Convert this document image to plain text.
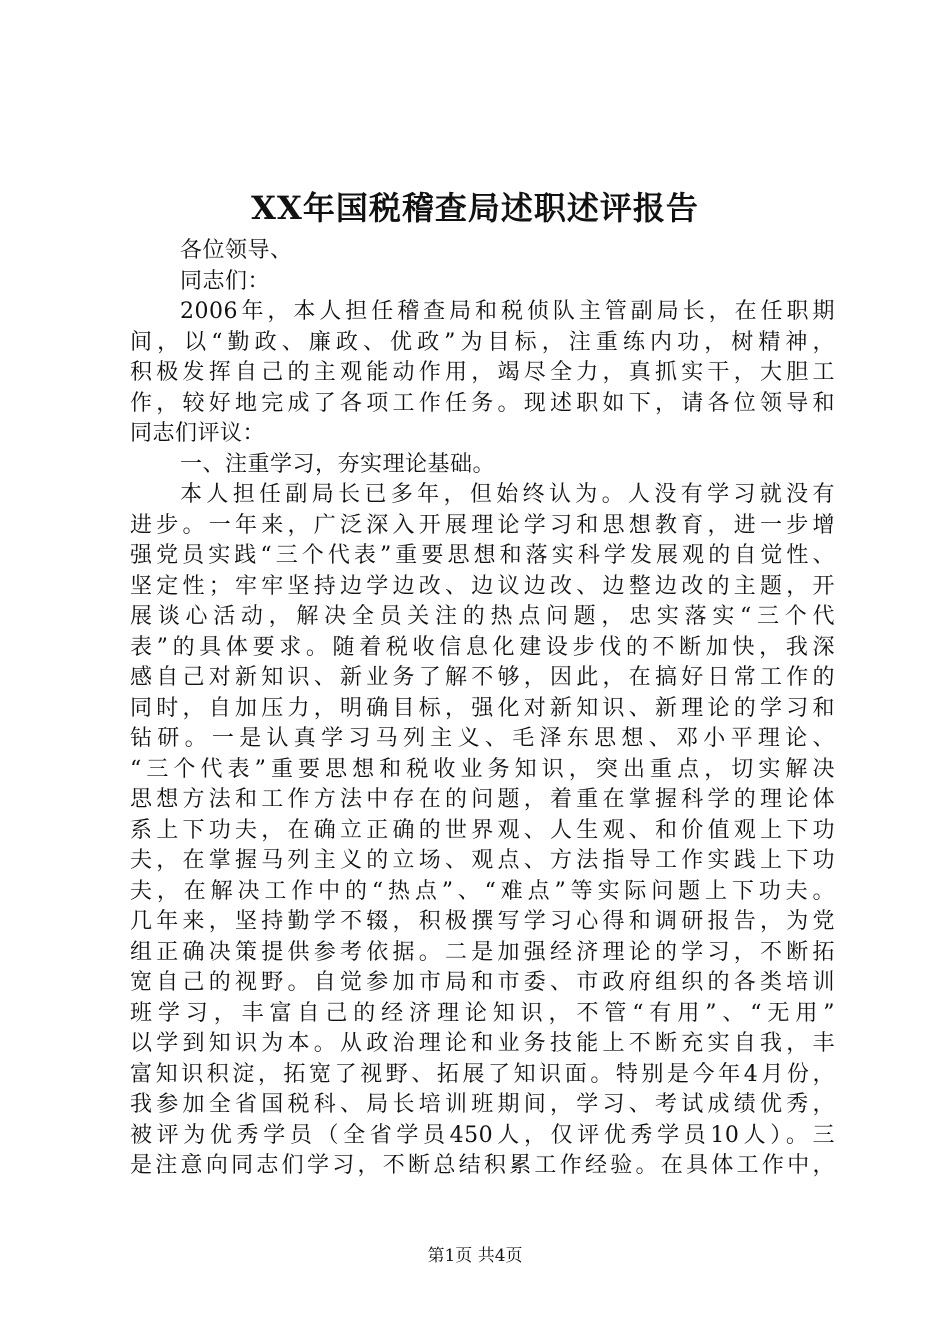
XX年国税稽查局述职述评报告
各位领导、
同志们：
2006年，本人担任稽查局和税侦队主管副局长，在任职期
间，以“勤政、廉政、优政”为目标，注重练内功，树精神，
积极发挥自己的主观能动作用，竭尽全力，真抓实干，大胆工
作，较好地完成了各项工作任务。现述职如下，请各位领导和
同志们评议：
一、注重学习，夯实理论基础。
本人担任副局长已多年，但始终认为。人没有学习就没有
进步。一年来，广泛深入开展理论学习和思想教育，进一步增
强党员实践“三个代表”重要思想和落实科学发展观的自觉性、
坚定性；牢牢坚持边学边改、边议边改、边整边改的主题，开
展谈心活动，解决全员关注的热点问题，忠实落实“三个代
表”的具体要求。随着税收信息化建设步伐的不断加快，我深
感自己对新知识、新业务了解不够，因此，在搞好日常工作的
同时，自加压力，明确目标，强化对新知识、新理论的学习和
钻研。一是认真学习马列主义、毛泽东思想、邓小平理论、
“三个代表”重要思想和税收业务知识，突出重点，切实解决
思想方法和工作方法中存在的问题，着重在掌握科学的理论体
系上下功夫，在确立正确的世界观、人生观、和价值观上下功
夫，在掌握马列主义的立场、观点、方法指导工作实践上下功
夫，在解决工作中的“热点”、“难点”等实际问题上下功夫。
几年来，坚持勤学不辍，积极撰写学习心得和调研报告，为党
组正确决策提供参考依据。二是加强经济理论的学习，不断拓
宽自己的视野。自觉参加市局和市委、市政府组织的各类培训
班学习，丰富自己的经济理论知识，不管“有用”、“无用”
以学到知识为本。从政治理论和业务技能上不断充实自我，丰
富知识积淀，拓宽了视野、拓展了知识面。特别是今年4月份，
我参加全省国税科、局长培训班期间，学习、考试成绩优秀，
被评为优秀学员（全省学员450人，仅评优秀学员10人）。三
是注意向同志们学习，不断总结积累工作经验。在具体工作中，
第1页 共4页
